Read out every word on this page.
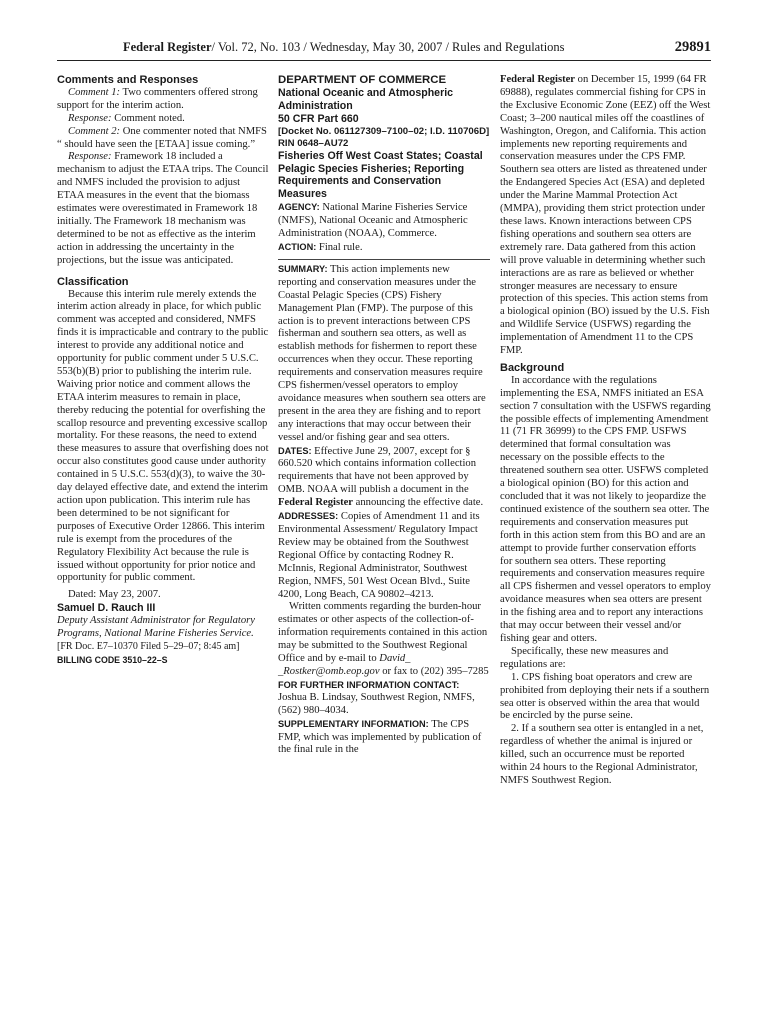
Federal Register/ Vol. 72, No. 103 / Wednesday, May 30, 2007 / Rules and Regulations	29891

Comments and Responses

Comment 1: Two commenters offered strong support for the interim action.

Response: Comment noted.

Comment 2: One commenter noted that NMFS “ should have seen the [ETAA] issue coming.”

Response: Framework 18 included a mechanism to adjust the ETAA trips. The Council and NMFS included the provision to adjust ETAA measures in the event that the biomass estimates were overestimated in Framework 18 initially. The Framework 18 mechanism was determined to be not as effective as the interim action in addressing the uncertainty in the projections, but the issue was anticipated.

Classification

Because this interim rule merely extends the interim action already in place, for which public comment was accepted and considered, NMFS finds it is impracticable and contrary to the public interest to provide any additional notice and opportunity for public comment under 5 U.S.C. 553(b)(B) prior to publishing the interim rule. Waiving prior notice and comment allows the ETAA interim measures to remain in place, thereby reducing the potential for overfishing the scallop resource and preventing excessive scallop mortality. For these reasons, the need to extend these measures to assure that overfishing does not occur also constitutes good cause under authority contained in 5 U.S.C. 553(d)(3), to waive the 30-day delayed effective date, and extend the interim action upon publication. This interim rule has been determined to be not significant for purposes of Executive Order 12866. This interim rule is exempt from the procedures of the Regulatory Flexibility Act because the rule is issued without opportunity for prior notice and opportunity for public comment.

Dated: May 23, 2007.

Samuel D. Rauch III

Deputy Assistant Administrator for Regulatory Programs, National Marine Fisheries Service.

[FR Doc. E7–10370 Filed 5–29–07; 8:45 am]

BILLING CODE 3510–22–S

DEPARTMENT OF COMMERCE

National Oceanic and Atmospheric Administration

50 CFR Part 660

[Docket No. 061127309–7100–02; I.D. 110706D]

RIN 0648–AU72

Fisheries Off West Coast States; Coastal Pelagic Species Fisheries; Reporting Requirements and Conservation Measures

AGENCY: National Marine Fisheries Service (NMFS), National Oceanic and Atmospheric Administration (NOAA), Commerce.

ACTION: Final rule.

SUMMARY: This action implements new reporting and conservation measures under the Coastal Pelagic Species (CPS) Fishery Management Plan (FMP). The purpose of this action is to prevent interactions between CPS fisherman and southern sea otters, as well as establish methods for fishermen to report these occurrences when they occur. These reporting requirements and conservation measures require CPS fishermen/vessel operators to employ avoidance measures when southern sea otters are present in the area they are fishing and to report any interactions that may occur between their vessel and/or fishing gear and sea otters.

DATES: Effective June 29, 2007, except for § 660.520 which contains information collection requirements that have not been approved by OMB. NOAA will publish a document in the Federal Register announcing the effective date.

ADDRESSES: Copies of Amendment 11 and its Environmental Assessment/ Regulatory Impact Review may be obtained from the Southwest Regional Office by contacting Rodney R. McInnis, Regional Administrator, Southwest Region, NMFS, 501 West Ocean Blvd., Suite 4200, Long Beach, CA 90802–4213.

Written comments regarding the burden-hour estimates or other aspects of the collection-of-information requirements contained in this action may be submitted to the Southwest Regional Office and by e-mail to David_ _Rostker@omb.eop.gov or fax to (202) 395–7285

FOR FURTHER INFORMATION CONTACT:

Joshua B. Lindsay, Southwest Region, NMFS, (562) 980–4034.

SUPPLEMENTARY INFORMATION: The CPS FMP, which was implemented by publication of the final rule in the

Federal Register on December 15, 1999 (64 FR 69888), regulates commercial fishing for CPS in the Exclusive Economic Zone (EEZ) off the West Coast; 3–200 nautical miles off the coastlines of Washington, Oregon, and California. This action implements new reporting requirements and conservation measures under the CPS FMP. Southern sea otters are listed as threatened under the Endangered Species Act (ESA) and depleted under the Marine Mammal Protection Act (MMPA), providing them strict protection under these laws. Known interactions between CPS fishing operations and southern sea otters are extremely rare. Data gathered from this action will prove valuable in determining whether such interactions are as rare as believed or whether stronger measures are necessary to ensure protection of this species. This action stems from a biological opinion (BO) issued by the U.S. Fish and Wildlife Service (USFWS) regarding the implementation of Amendment 11 to the CPS FMP.

Background

In accordance with the regulations implementing the ESA, NMFS initiated an ESA section 7 consultation with the USFWS regarding the possible effects of implementing Amendment 11 (71 FR 36999) to the CPS FMP. USFWS determined that formal consultation was necessary on the possible effects to the threatened southern sea otter. USFWS completed a biological opinion (BO) for this action and concluded that it was not likely to jeopardize the continued existence of the southern sea otter. The requirements and conservation measures put forth in this action stem from this BO and are an attempt to provide further conservation efforts for southern sea otters. These reporting requirements and conservation measures require all CPS fishermen and vessel operators to employ avoidance measures when sea otters are present in the fishing area and to report any interactions that may occur between their vessel and/or fishing gear and otters.

Specifically, these new measures and regulations are:

1. CPS fishing boat operators and crew are prohibited from deploying their nets if a southern sea otter is observed within the area that would be encircled by the purse seine.

2. If a southern sea otter is entangled in a net, regardless of whether the animal is injured or killed, such an occurrence must be reported within 24 hours to the Regional Administrator, NMFS Southwest Region.
